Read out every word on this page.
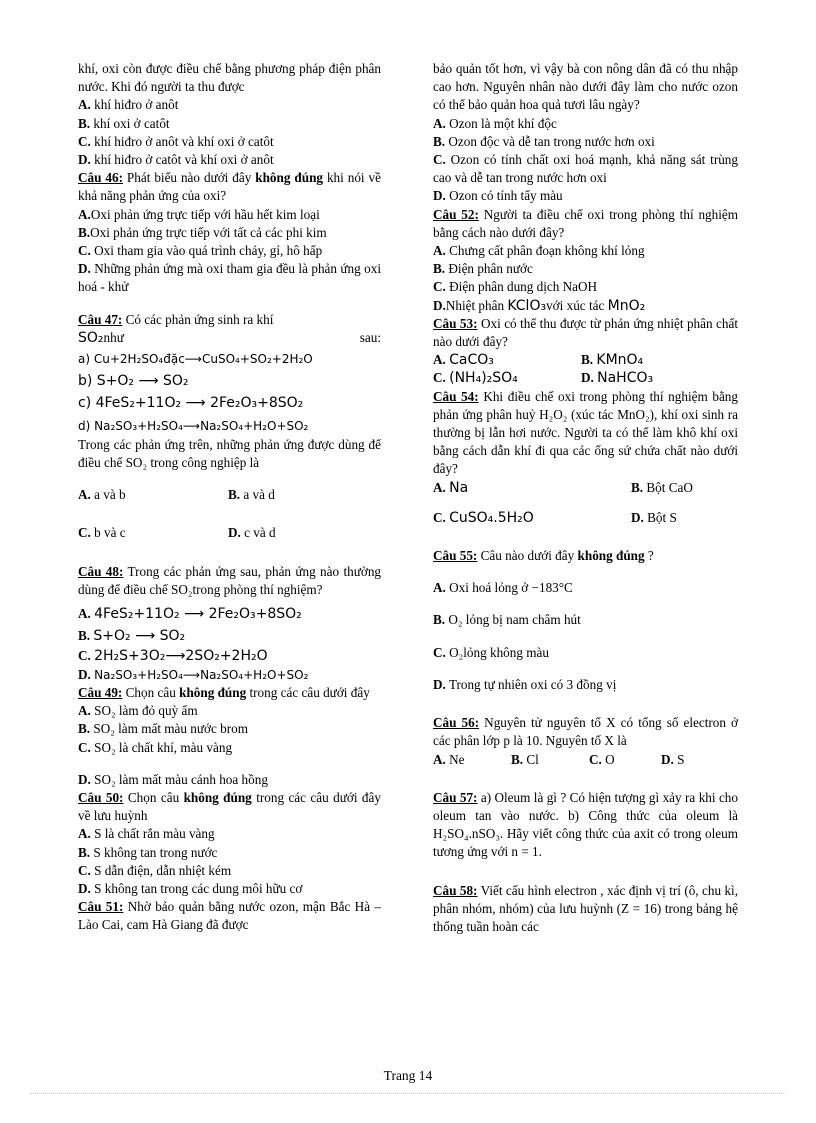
khí, oxi còn được điều chế bằng phương pháp điện phân nước. Khi đó người ta thu được

A. khí hiđro ở anôt

B. khí oxi ở catôt

C. khí hiđro ở anôt và khí oxi ở catôt

D. khí hiđro ở catôt và khí oxi ở anôt

Câu 46: Phát biểu nào dưới đây không đúng khi nói về khả năng phản ứng của oxi?

A.Oxi phản ứng trực tiếp với hầu hết kim loại

B.Oxi phản ứng trực tiếp với tất cả các phi kim

C. Oxi tham gia vào quá trình cháy, gỉ, hô hấp

D. Những phản ứng mà oxi tham gia đều là phản ứng oxi hoá - khử

Câu 47: Có các phản ứng sinh ra khí

SO₂như	sau:

a) Cu+2H₂SO₄đặc⟶CuSO₄+SO₂+2H₂O

b) S+O₂ ⟶ SO₂

c) 4FeS₂+11O₂ ⟶ 2Fe₂O₃+8SO₂

d) Na₂SO₃+H₂SO₄⟶Na₂SO₄+H₂O+SO₂

Trong các phản ứng trên, những phản ứng được dùng để điều chế SO₂ trong công nghiệp là

A. a và b	B. a và d

C. b và c	D. c và d

Câu 48: Trong các phản ứng sau, phản ứng nào thường dùng để điều chế SO₂trong phòng thí nghiệm?

A. 4FeS₂+11O₂ ⟶ 2Fe₂O₃+8SO₂

B. S+O₂ ⟶ SO₂

C. 2H₂S+3O₂⟶2SO₂+2H₂O

D. Na₂SO₃+H₂SO₄⟶Na₂SO₄+H₂O+SO₂

Câu 49: Chọn câu không đúng trong các câu dưới đây

A. SO₂ làm đỏ quỳ ẩm

B. SO₂ làm mất màu nước brom

C. SO₂ là chất khí, màu vàng

D. SO₂ làm mất màu cánh hoa hồng

Câu 50: Chọn câu không đúng trong các câu dưới đây về lưu huỳnh

A. S là chất rắn màu vàng

B. S không tan trong nước

C. S dẫn điện, dẫn nhiệt kém

D. S không tan trong các dung môi hữu cơ

Câu 51: Nhờ bảo quản bằng nước ozon, mận Bắc Hà – Lào Cai, cam Hà Giang đã được

bảo quản tốt hơn, vì vậy bà con nông dân đã có thu nhập cao hơn. Nguyên nhân nào dưới đây làm cho nước ozon có thể bảo quản hoa quả tươi lâu ngày?

A. Ozon là một khí độc

B. Ozon độc và dễ tan trong nước hơn oxi

C. Ozon có tính chất oxi hoá mạnh, khả năng sát trùng cao và dễ tan trong nước hơn oxi

D. Ozon có tính tẩy màu

Câu 52: Người ta điều chế oxi trong phòng thí nghiệm bằng cách nào dưới đây?

A. Chưng cất phân đoạn không khí lỏng

B. Điện phân nước

C. Điện phân dung dịch NaOH

D.Nhiệt phân KClO₃với xúc tác MnO₂

Câu 53: Oxi có thể thu được từ phản ứng nhiệt phân chất nào dưới đây?

A. CaCO₃	B. KMnO₄

C. (NH₄)₂SO₄	D. NaHCO₃

Câu 54: Khi điều chế oxi trong phòng thí nghiệm bằng phản ứng phân huỷ H₂O₂ (xúc tác MnO₂), khí oxi sinh ra thường bị lẫn hơi nước. Người ta có thể làm khô khí oxi bằng cách dẫn khí đi qua các ống sứ chứa chất nào dưới đây?

A. Na	B. Bột CaO

C. CuSO₄.5H₂O	D. Bột S

Câu 55: Câu nào dưới đây không đúng ?

A. Oxi hoá lỏng ở −183°C

B. O₂ lỏng bị nam châm hút

C. O₂lỏng không màu

D. Trong tự nhiên oxi có 3 đồng vị

Câu 56: Nguyên tử nguyên tố X có tổng số electron ở các phân lớp p là 10. Nguyên tố X là

A. Ne	B. Cl	C. O	D. S

Câu 57: a) Oleum là gì ? Có hiện tượng gì xảy ra khi cho oleum tan vào nước. b) Công thức của oleum là H₂SO₄.nSO₃. Hãy viết công thức của axit có trong oleum tương ứng với n = 1.

Câu 58: Viết cấu hình electron , xác định vị trí (ô, chu kì, phân nhóm, nhóm) của lưu huỳnh (Z = 16) trong bảng hệ thống tuần hoàn các

Trang 14
